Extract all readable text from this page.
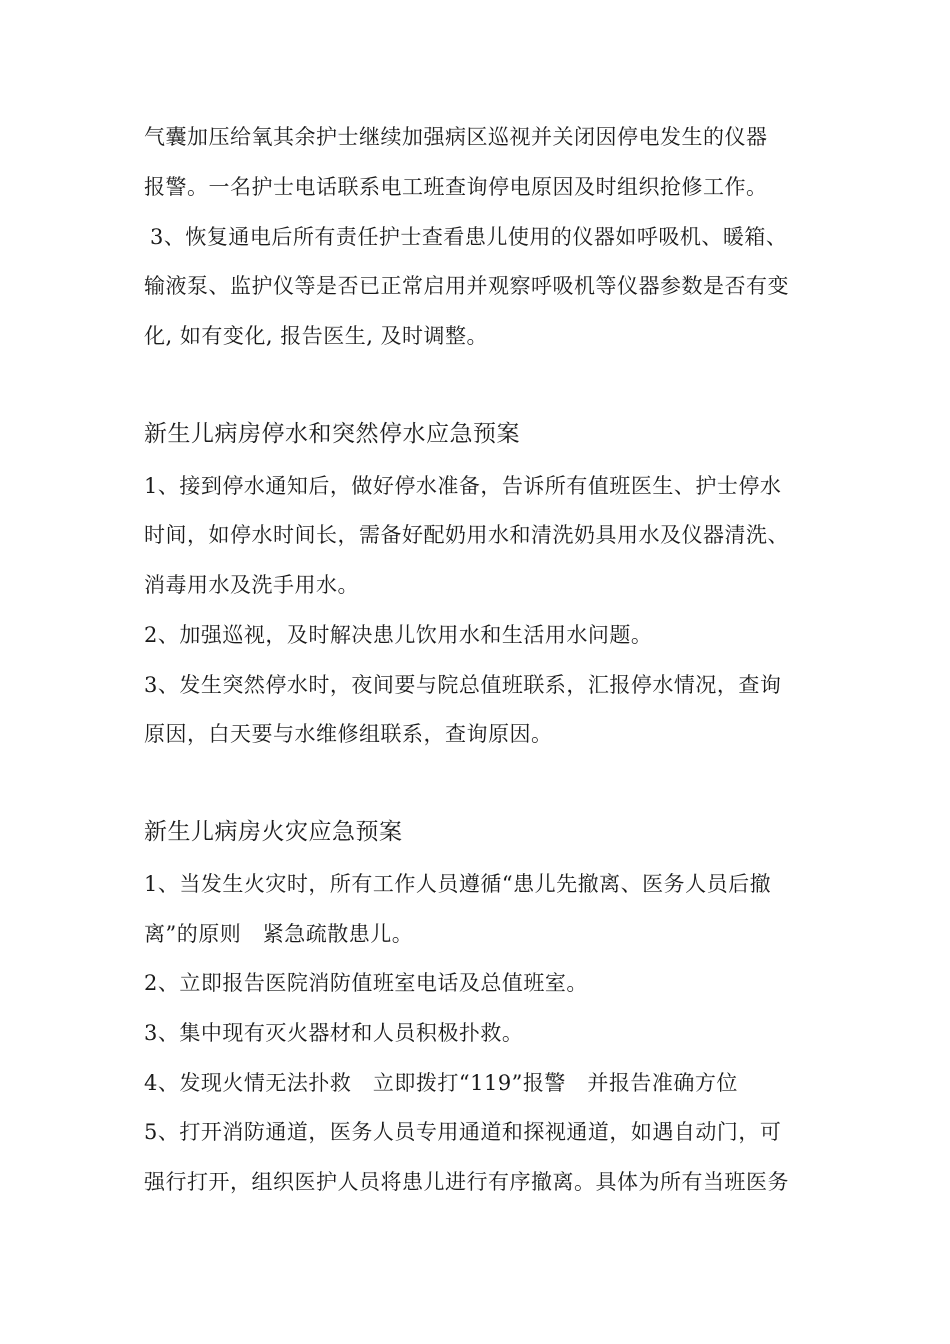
气囊加压给氧其余护士继续加强病区巡视并关闭因停电发生的仪器
报警。一名护士电话联系电工班查询停电原因及时组织抢修工作。
3、恢复通电后所有责任护士查看患儿使用的仪器如呼吸机、暖箱、
输液泵、监护仪等是否已正常启用并观察呼吸机等仪器参数是否有变
化, 如有变化, 报告医生, 及时调整。
新生儿病房停水和突然停水应急预案
1、接到停水通知后，做好停水准备，告诉所有值班医生、护士停水
时间，如停水时间长，需备好配奶用水和清洗奶具用水及仪器清洗、
消毒用水及洗手用水。
2、加强巡视，及时解决患儿饮用水和生活用水问题。
3、发生突然停水时，夜间要与院总值班联系，汇报停水情况，查询
原因，白天要与水维修组联系，查询原因。
新生儿病房火灾应急预案
1、当发生火灾时，所有工作人员遵循“患儿先撤离、医务人员后撤
离”的原则　紧急疏散患儿。
2、立即报告医院消防值班室电话及总值班室。
3、集中现有灭火器材和人员积极扑救。
4、发现火情无法扑救　立即拨打“119”报警　并报告准确方位
5、打开消防通道，医务人员专用通道和探视通道，如遇自动门，可
强行打开，组织医护人员将患儿进行有序撤离。具体为所有当班医务
